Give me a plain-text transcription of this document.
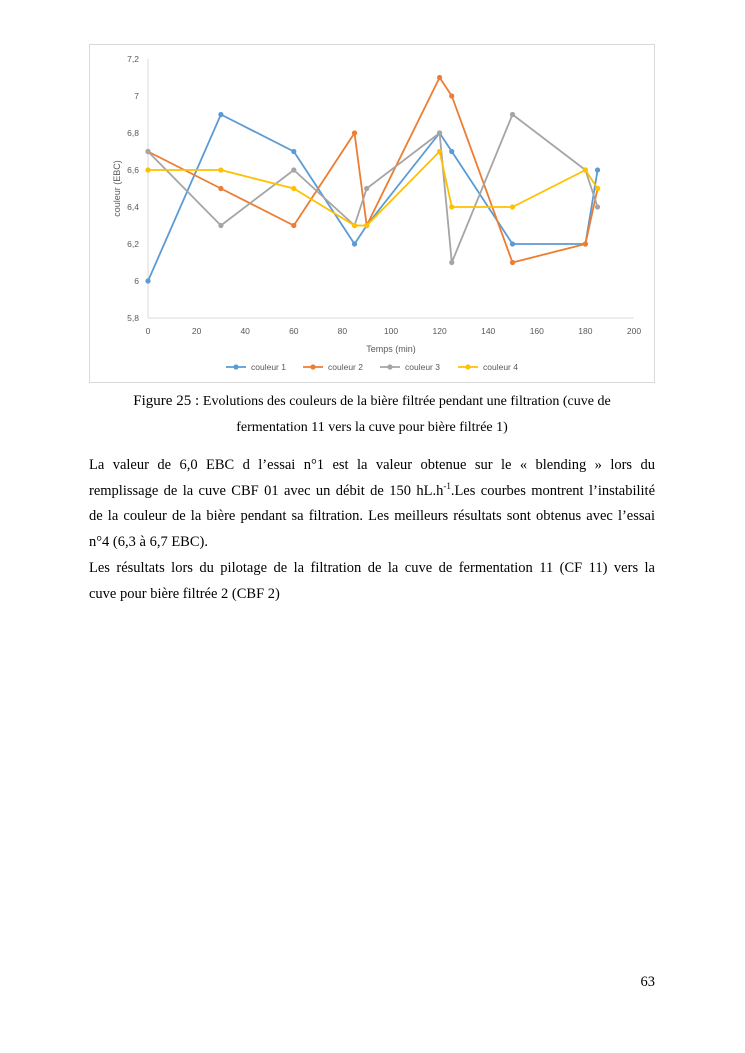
5,8
6
6,2
6,4
6,6
6,8
7
7,2
0	20	40	60	80	100	120	140	160	180	200
Temps (min)
couleur (EBC)
couleur 1	couleur 2	couleur 3	couleur 4
Figure 25 : Evolutions des couleurs de la bière filtrée pendant une filtration (cuve de
fermentation 11 vers la cuve pour bière filtrée 1)
La valeur de 6,0 EBC d l’essai n°1 est la valeur obtenue sur le « blending » lors du
remplissage de la cuve CBF 01 avec un débit de 150 $hL.h^{-1}.Les$ courbes montrent l’instabilité
de la couleur de la bière pendant sa filtration. Les meilleurs résultats sont obtenus avec l’essai
n°4 (6,3 à 6,7 EBC).
Les résultats lors du pilotage de la filtration de la cuve de fermentation 11 (CF 11) vers la
cuve pour bière filtrée 2 (CBF 2)
63
